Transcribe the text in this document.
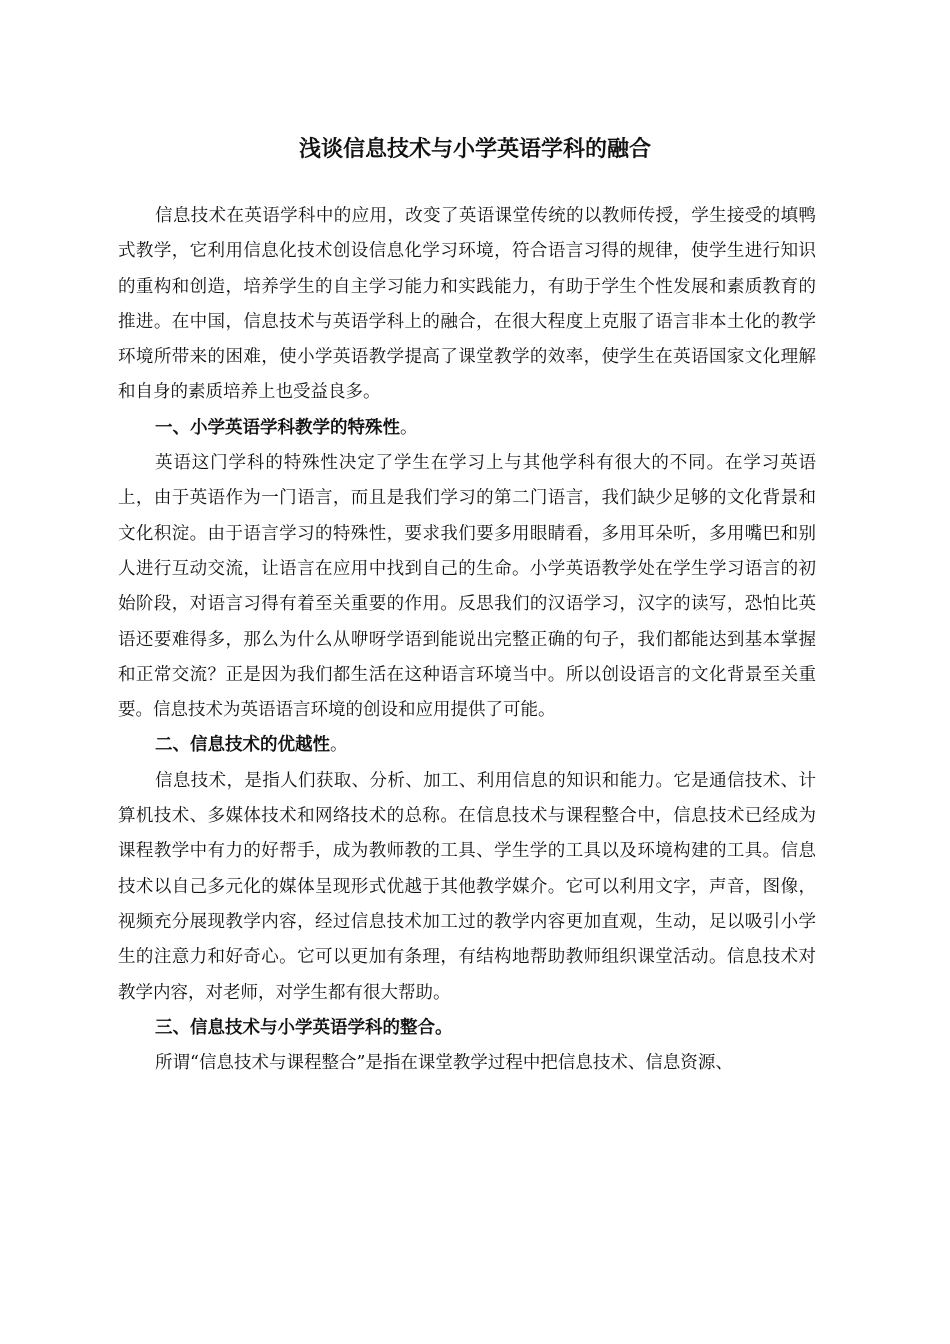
浅谈信息技术与小学英语学科的融合

信息技术在英语学科中的应用，改变了英语课堂传统的以教师传授，学生接受的填鸭式教学，它利用信息化技术创设信息化学习环境，符合语言习得的规律，使学生进行知识的重构和创造，培养学生的自主学习能力和实践能力，有助于学生个性发展和素质教育的推进。在中国，信息技术与英语学科上的融合，在很大程度上克服了语言非本土化的教学环境所带来的困难，使小学英语教学提高了课堂教学的效率，使学生在英语国家文化理解和自身的素质培养上也受益良多。

一、小学英语学科教学的特殊性。

英语这门学科的特殊性决定了学生在学习上与其他学科有很大的不同。在学习英语上，由于英语作为一门语言，而且是我们学习的第二门语言，我们缺少足够的文化背景和文化积淀。由于语言学习的特殊性，要求我们要多用眼睛看，多用耳朵听，多用嘴巴和别人进行互动交流，让语言在应用中找到自己的生命。小学英语教学处在学生学习语言的初始阶段，对语言习得有着至关重要的作用。反思我们的汉语学习，汉字的读写，恐怕比英语还要难得多，那么为什么从咿呀学语到能说出完整正确的句子，我们都能达到基本掌握和正常交流？正是因为我们都生活在这种语言环境当中。所以创设语言的文化背景至关重要。信息技术为英语语言环境的创设和应用提供了可能。

二、信息技术的优越性。

信息技术，是指人们获取、分析、加工、利用信息的知识和能力。它是通信技术、计算机技术、多媒体技术和网络技术的总称。在信息技术与课程整合中，信息技术已经成为课程教学中有力的好帮手，成为教师教的工具、学生学的工具以及环境构建的工具。信息技术以自己多元化的媒体呈现形式优越于其他教学媒介。它可以利用文字，声音，图像，视频充分展现教学内容，经过信息技术加工过的教学内容更加直观，生动，足以吸引小学生的注意力和好奇心。它可以更加有条理，有结构地帮助教师组织课堂活动。信息技术对教学内容，对老师，对学生都有很大帮助。

三、信息技术与小学英语学科的整合。

所谓“信息技术与课程整合”是指在课堂教学过程中把信息技术、信息资源、
